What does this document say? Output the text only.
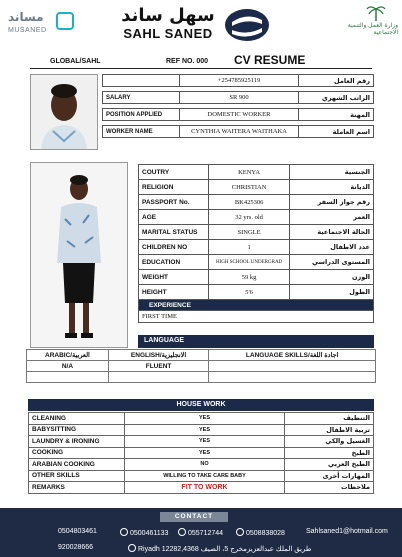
مساند
MUSANED
سهل ساند
SAHL SANED
وزارة العمل والتنمية الاجتماعية
GLOBAL/SAHL	REF NO. 000 CV RESUME
+254785925119	رقم العامل
SALARY	SR 900	الراتب الشهري
POSITION APPLIED	DOMESTIC WORKER	المهنة
WORKER NAME	CYNTHIA WAITERA WAITHAKA	اسم العاملة
COUTRY	KENYA	الجنسية
RELIGION	CHRISTIAN	الديانة
PASSPORT No.	BK425306	رقم جواز السفر
AGE	32 yrs. old	العمر
MARITAL STATUS	SINGLE	الحالة الاجتماعية
CHILDREN NO	1	عدد الاطفال
EDUCATION	HIGH SCHOOL UNDERGRAD	المستوى الدراسي
WEIGHT	59 kg	الوزن
HEIGHT	5'6	الطول
EXPERIENCE		
FIRST TIME		
LANGUAGE
ARABIC/العربية	ENGLISH/الانجليزية	LANGUAGE SKILLS/اجادة اللغة
N/A	FLUENT	

HOUSE WORK
CLEANING	YES	التنظيف
BABYSITTING	YES	تربية الاطفال
LAUNDRY & IRONING	YES	الغسيل والكي
COOKING	YES	الطبخ
ARABIAN COOKING	NO	الطبخ العربي
OTHER SKILLS	WILLING TO TAKE CARE BABY	المهارات أخرى
REMARKS	FIT TO WORK	ملاحظات
CONTACT
0504803461	0500461133	055712744	0508838028	Sahlsaned1@hotmail.com
920028666	Riyadh 12282,4368 طريق الملك عبدالعزيزمخرج 5، الصيف
